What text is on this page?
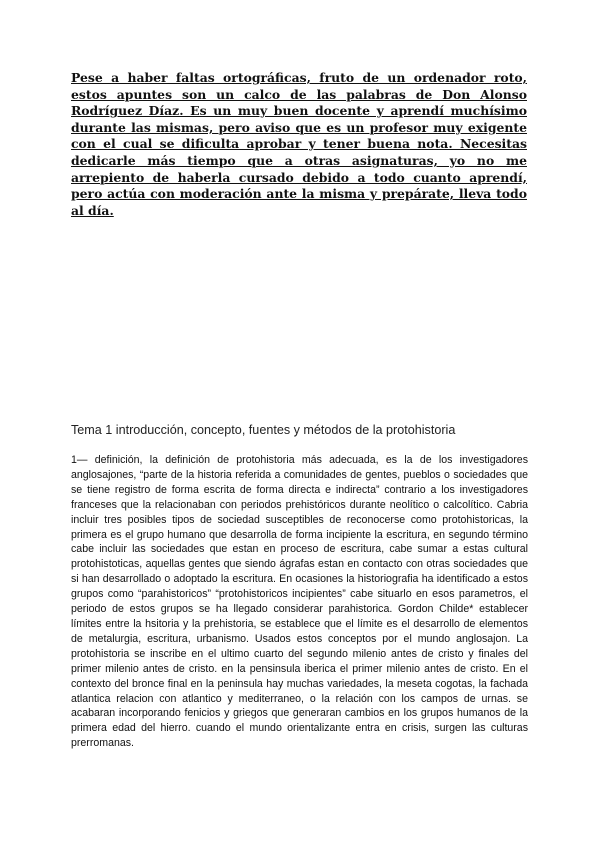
Pese a haber faltas ortográficas, fruto de un ordenador roto, estos apuntes son un calco de las palabras de Don Alonso Rodríguez Díaz. Es un muy buen docente y aprendí muchísimo durante las mismas, pero aviso que es un profesor muy exigente con el cual se dificulta aprobar y tener buena nota. Necesitas dedicarle más tiempo que a otras asignaturas, yo no me arrepiento de haberla cursado debido a todo cuanto aprendí, pero actúa con moderación ante la misma y prepárate, lleva todo al día.

Tema 1 introducción, concepto, fuentes y métodos de la protohistoria

1— definición, la definición de protohistoria más adecuada, es la de los investigadores anglosajones, “parte de la historia referida a comunidades de gentes, pueblos o sociedades que se tiene registro de forma escrita de forma directa e indirecta” contrario a los investigadores franceses que la relacionaban con periodos prehistóricos durante neolítico o calcolítico. Cabria incluir tres posibles tipos de sociedad susceptibles de reconocerse como protohistoricas, la primera es el grupo humano que desarrolla de forma incipiente la escritura, en segundo término cabe incluir las sociedades que estan en proceso de escritura, cabe sumar a estas cultural protohistoticas, aquellas gentes que siendo ágrafas estan en contacto con otras sociedades que si han desarrollado o adoptado la escritura. En ocasiones la historiografia ha identificado a estos grupos como “parahistoricos” “protohistoricos incipientes” cabe situarlo en esos parametros, el periodo de estos grupos se ha llegado considerar parahistorica. Gordon Childe* establecer límites entre la hsitoria y la prehistoria, se establece que el límite es el desarrollo de elementos de metalurgia, escritura, urbanismo. Usados estos conceptos por el mundo anglosajon. La protohistoria se inscribe en el ultimo cuarto del segundo milenio antes de cristo y finales del primer milenio antes de cristo. en la pensinsula iberica el primer milenio antes de cristo. En el contexto del bronce final en la peninsula hay muchas variedades, la meseta cogotas, la fachada atlantica relacion con atlantico y mediterraneo, o la relación con los campos de urnas. se acabaran incorporando fenicios y griegos que generaran cambios en los grupos humanos de la primera edad del hierro. cuando el mundo orientalizante entra en crisis, surgen las culturas prerromanas.
